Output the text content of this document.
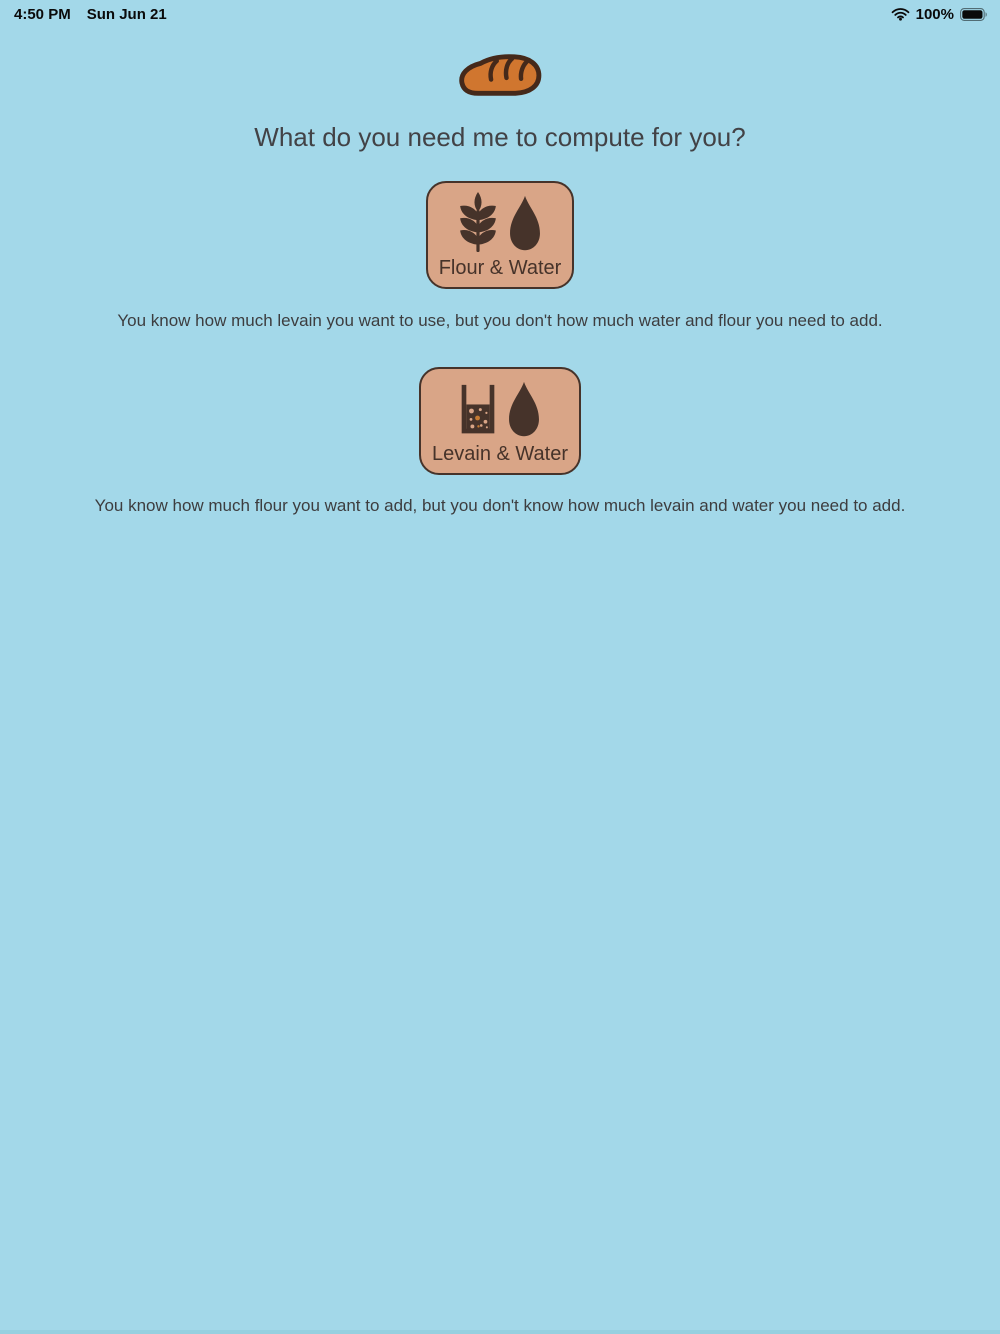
4:50 PM Sun Jun 21	100%
What do you need me to compute for you?
Flour & Water

You know how much levain you want to use, but you don't how much water and flour you need to add.

Levain & Water

You know how much flour you want to add, but you don't know how much levain and water you need to add.
